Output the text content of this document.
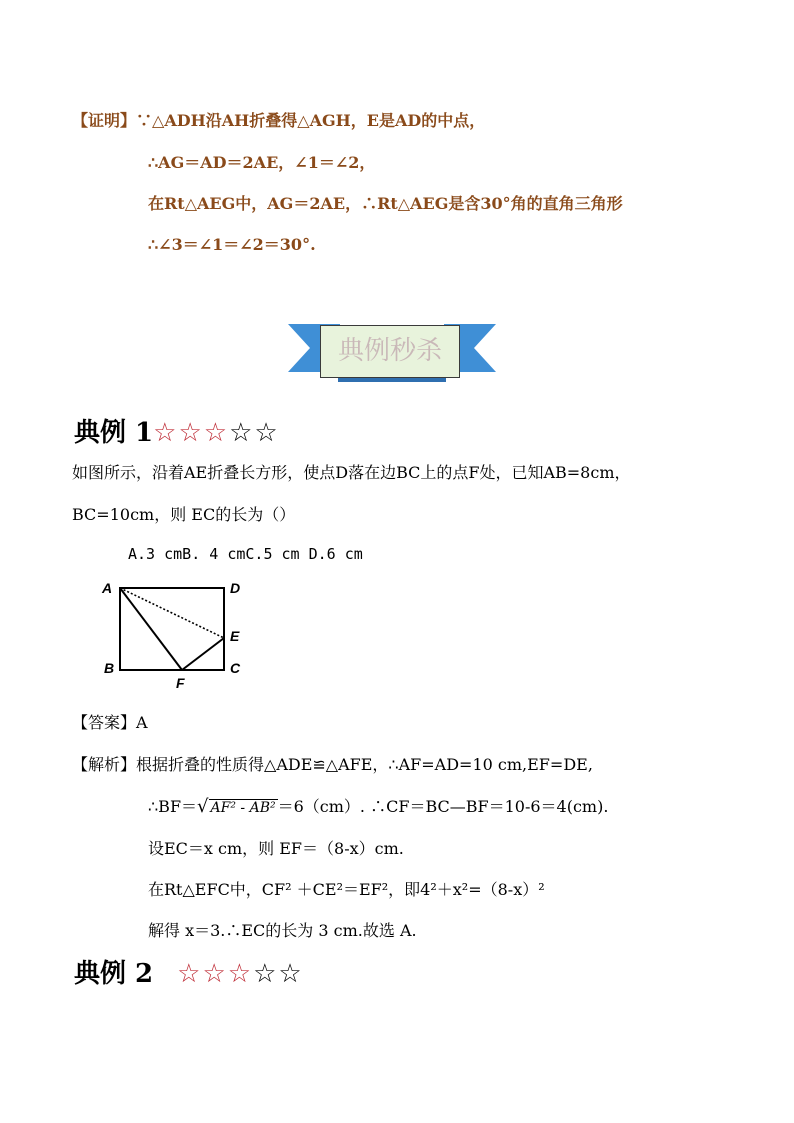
【证明】∵△ADH沿AH折叠得△AGH，E是AD的中点，
∴AG＝AD＝2AE，∠1＝∠2，
在Rt△AEG中，AG＝2AE，∴Rt△AEG是含30°角的直角三角形
∴∠3＝∠1＝∠2＝30°.
典例秒杀
典例 1☆☆☆☆☆
如图所示，沿着AE折叠长方形，使点D落在边BC上的点F处，已知AB=8cm，
BC=10cm，则 EC的长为（）
A.3 cmB. 4 cmC.5 cm D.6 cm
A	D
E
B	C
F
【答案】A
【解析】根据折叠的性质得△ADE≌△AFE，∴AF=AD=10 cm,EF=DE,
∴BF＝√ AF² - AB² ＝6（cm）. ∴CF＝BC—BF＝10-6＝4(cm).
设EC＝x cm，则 EF＝（8-x）cm.
在Rt△EFC中，CF² ＋CE²＝EF²，即4²＋x²=（8-x）²
解得 x＝3.∴EC的长为 3 cm.故选 A.
典例 2 ☆☆☆☆☆
